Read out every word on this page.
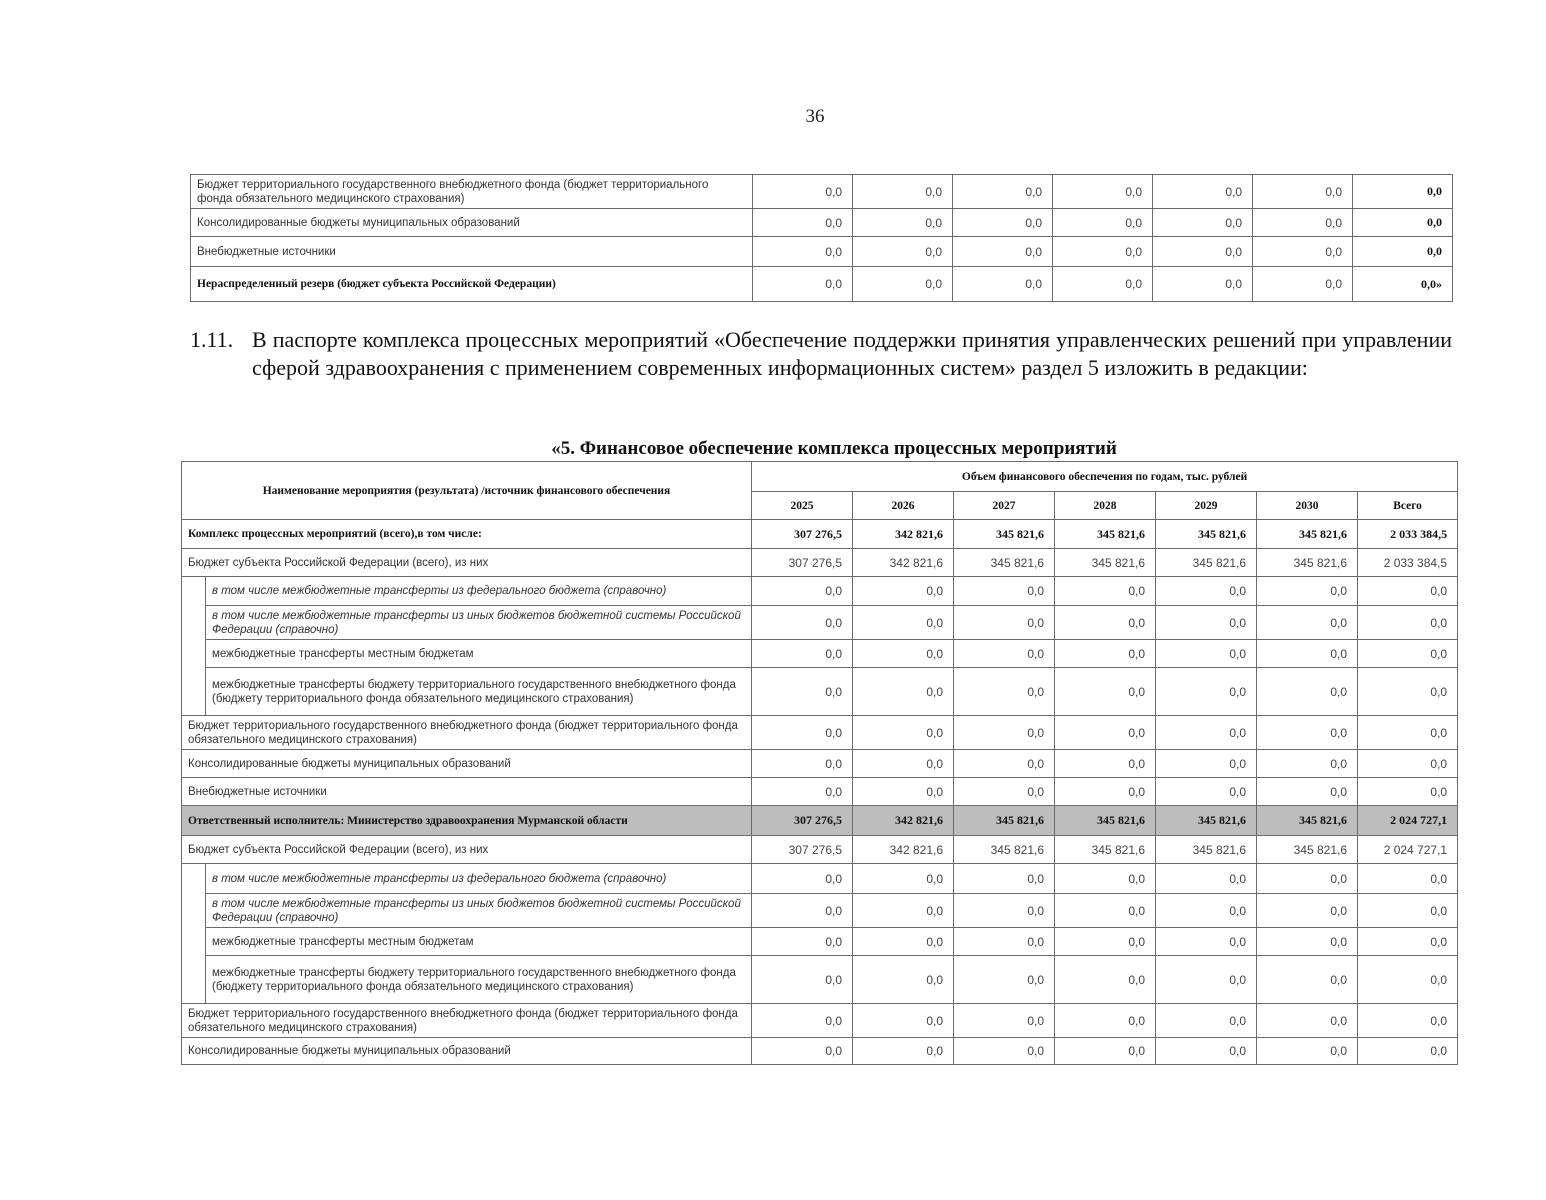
36
Бюджет территориального государственного внебюджетного фонда (бюджет территориального фонда обязательного медицинского страхования)	0,0	0,0	0,0	0,0	0,0	0,0	0,0
Консолидированные бюджеты муниципальных образований	0,0	0,0	0,0	0,0	0,0	0,0	0,0
Внебюджетные источники	0,0	0,0	0,0	0,0	0,0	0,0	0,0
Нераспределенный резерв (бюджет субъекта Российской Федерации)	0,0	0,0	0,0	0,0	0,0	0,0	0,0»
1.11. В паспорте комплекса процессных мероприятий «Обеспечение поддержки принятия управленческих решений при управлении сферой здравоохранения с применением современных информационных систем» раздел 5 изложить в редакции:
«5. Финансовое обеспечение комплекса процессных мероприятий
Наименование мероприятия (результата) /источник финансового обеспечения		Объем финансового обеспечения по годам, тыс. рублей						
		2025	2026	2027	2028	2029	2030	Всего
Комплекс процессных мероприятий (всего),в том числе:		307 276,5	342 821,6	345 821,6	345 821,6	345 821,6	345 821,6	2 033 384,5
Бюджет субъекта Российской Федерации (всего), из них		307 276,5	342 821,6	345 821,6	345 821,6	345 821,6	345 821,6	2 033 384,5
	в том числе межбюджетные трансферты из федерального бюджета (справочно)	0,0	0,0	0,0	0,0	0,0	0,0	0,0
	в том числе межбюджетные трансферты из иных бюджетов бюджетной системы Российской Федерации (справочно)	0,0	0,0	0,0	0,0	0,0	0,0	0,0
	межбюджетные трансферты местным бюджетам	0,0	0,0	0,0	0,0	0,0	0,0	0,0
	межбюджетные трансферты бюджету территориального государственного внебюджетного фонда (бюджету территориального фонда обязательного медицинского страхования)	0,0	0,0	0,0	0,0	0,0	0,0	0,0
Бюджет территориального государственного внебюджетного фонда (бюджет территориального фонда обязательного медицинского страхования)		0,0	0,0	0,0	0,0	0,0	0,0	0,0
Консолидированные бюджеты муниципальных образований		0,0	0,0	0,0	0,0	0,0	0,0	0,0
Внебюджетные источники		0,0	0,0	0,0	0,0	0,0	0,0	0,0
Ответственный исполнитель: Министерство здравоохранения Мурманской области		307 276,5	342 821,6	345 821,6	345 821,6	345 821,6	345 821,6	2 024 727,1
Бюджет субъекта Российской Федерации (всего), из них		307 276,5	342 821,6	345 821,6	345 821,6	345 821,6	345 821,6	2 024 727,1
	в том числе межбюджетные трансферты из федерального бюджета (справочно)	0,0	0,0	0,0	0,0	0,0	0,0	0,0
	в том числе межбюджетные трансферты из иных бюджетов бюджетной системы Российской Федерации (справочно)	0,0	0,0	0,0	0,0	0,0	0,0	0,0
	межбюджетные трансферты местным бюджетам	0,0	0,0	0,0	0,0	0,0	0,0	0,0
	межбюджетные трансферты бюджету территориального государственного внебюджетного фонда (бюджету территориального фонда обязательного медицинского страхования)	0,0	0,0	0,0	0,0	0,0	0,0	0,0
Бюджет территориального государственного внебюджетного фонда (бюджет территориального фонда обязательного медицинского страхования)		0,0	0,0	0,0	0,0	0,0	0,0	0,0
Консолидированные бюджеты муниципальных образований		0,0	0,0	0,0	0,0	0,0	0,0	0,0
